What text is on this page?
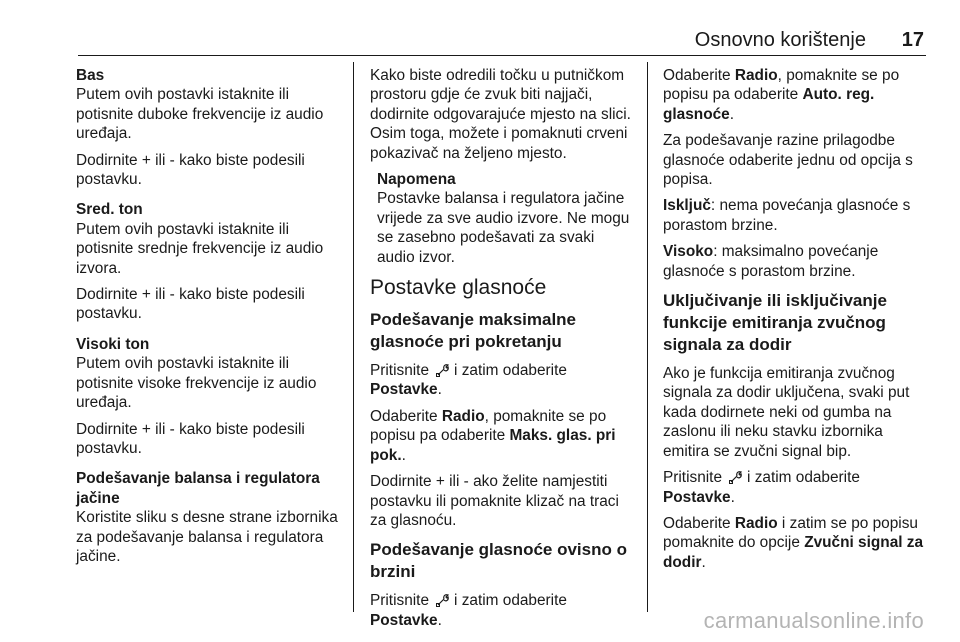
Osnovno korištenje 17
Bas

Putem ovih postavki istaknite ili potisnite duboke frekvencije iz audio uređaja.

Dodirnite + ili - kako biste podesili postavku.

Sred. ton

Putem ovih postavki istaknite ili potisnite srednje frekvencije iz audio izvora.

Dodirnite + ili - kako biste podesili postavku.

Visoki ton

Putem ovih postavki istaknite ili potisnite visoke frekvencije iz audio uređaja.

Dodirnite + ili - kako biste podesili postavku.

Podešavanje balansa i regulatora jačine

Koristite sliku s desne strane izbornika za podešavanje balansa i regulatora jačine.

Kako biste odredili točku u putničkom prostoru gdje će zvuk biti najjači, dodirnite odgovarajuće mjesto na slici. Osim toga, možete i pomaknuti crveni pokazivač na željeno mjesto.

Napomena
Postavke balansa i regulatora jačine vrijede za sve audio izvore. Ne mogu se zasebno podešavati za svaki audio izvor.
Postavke glasnoće
Podešavanje maksimalne glasnoće pri pokretanju

Pritisnite i zatim odaberite Postavke.

Odaberite Radio, pomaknite se po popisu pa odaberite Maks. glas. pri pok..

Dodirnite + ili - ako želite namjestiti postavku ili pomaknite klizač na traci za glasnoću.

Podešavanje glasnoće ovisno o brzini

Pritisnite i zatim odaberite Postavke.

Odaberite Radio, pomaknite se po popisu pa odaberite Auto. reg. glasnoće.

Za podešavanje razine prilagodbe glasnoće odaberite jednu od opcija s popisa.

Isključ: nema povećanja glasnoće s porastom brzine.

Visoko: maksimalno povećanje glasnoće s porastom brzine.

Uključivanje ili isključivanje funkcije emitiranja zvučnog signala za dodir

Ako je funkcija emitiranja zvučnog signala za dodir uključena, svaki put kada dodirnete neki od gumba na zaslonu ili neku stavku izbornika emitira se zvučni signal bip.

Pritisnite i zatim odaberite Postavke.

Odaberite Radio i zatim se po popisu pomaknite do opcije Zvučni signal za dodir.

carmanualsonline.info
